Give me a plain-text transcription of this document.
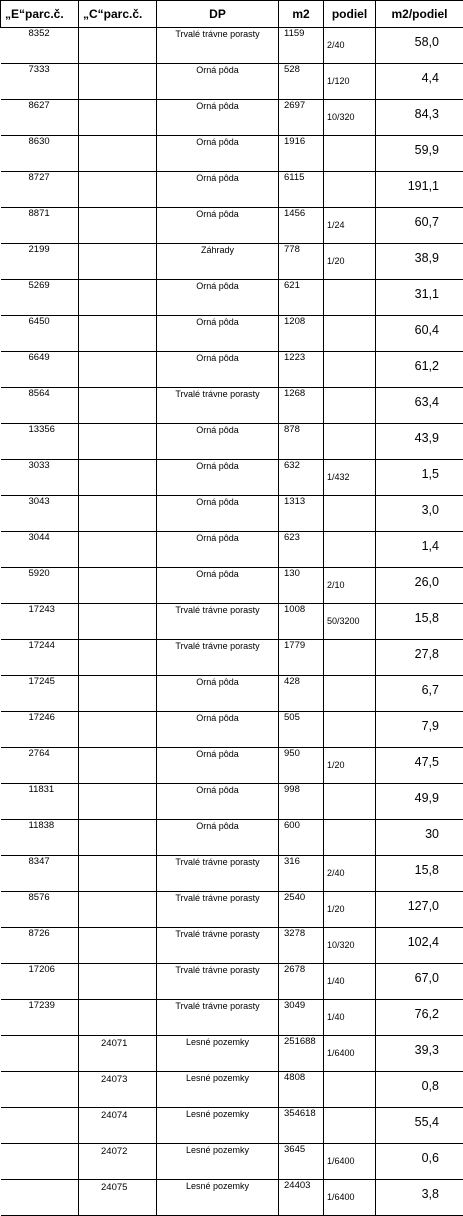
„E“parc.č.	„C“parc.č.	DP	m2	podiel	m2/podiel
8352		Trvalé trávne porasty	1159	2/40	58,0
7333		Orná pôda	528	1/120	4,4
8627		Orná pôda	2697	10/320	84,3
8630		Orná pôda	1916		59,9
8727		Orná pôda	6115		191,1
8871		Orná pôda	1456	1/24	60,7
2199		Záhrady	778	1/20	38,9
5269		Orná pôda	621		31,1
6450		Orná pôda	1208		60,4
6649		Orná pôda	1223		61,2
8564		Trvalé trávne porasty	1268		63,4
13356		Orná pôda	878		43,9
3033		Orná pôda	632	1/432	1,5
3043		Orná pôda	1313		3,0
3044		Orná pôda	623		1,4
5920		Orná pôda	130	2/10	26,0
17243		Trvalé trávne porasty	1008	50/3200	15,8
17244		Trvalé trávne porasty	1779		27,8
17245		Orná pôda	428		6,7
17246		Orná pôda	505		7,9
2764		Orná pôda	950	1/20	47,5
11831		Orná pôda	998		49,9
11838		Orná pôda	600		30
8347		Trvalé trávne porasty	316	2/40	15,8
8576		Trvalé trávne porasty	2540	1/20	127,0
8726		Trvalé trávne porasty	3278	10/320	102,4
17206		Trvalé trávne porasty	2678	1/40	67,0
17239		Trvalé trávne porasty	3049	1/40	76,2
	24071	Lesné pozemky	251688	1/6400	39,3
	24073	Lesné pozemky	4808		0,8
	24074	Lesné pozemky	354618		55,4
	24072	Lesné pozemky	3645	1/6400	0,6
	24075	Lesné pozemky	24403	1/6400	3,8
